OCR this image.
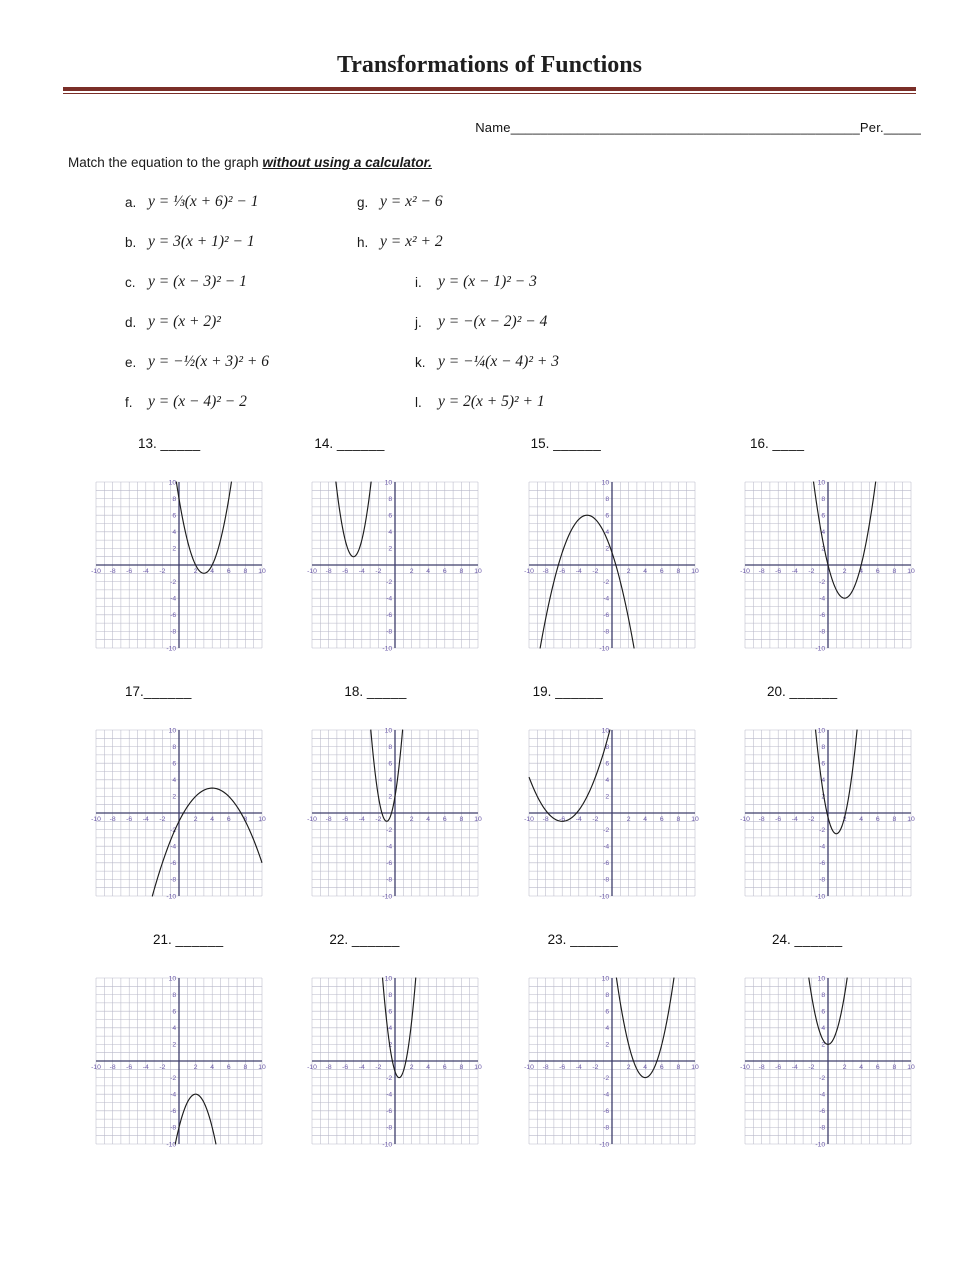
Transformations of Functions
Name_______________________________________________Per._____

Match the equation to the graph without using a calculator.

a. y = ⅓(x + 6)² − 1
b. y = 3(x + 1)² − 1
c. y = (x − 3)² − 1
d. y = (x + 2)²
e. y = −½(x + 3)² + 6
f. y = (x − 4)² − 2
g. y = x² − 6
h. y = x² + 2
i.	y = (x − 1)² − 3
j.	y = −(x − 2)² − 4
k. y = −¼(x − 4)² + 3
l.	y = 2(x + 5)² + 1
13. _____
-10 -8 -6 -4 -2	2 4 6 8 10
-10
-8
-6
-4
-2
2
4
6
8
10
14. ______
-10 -8 -6 -4 -2	2 4 6 8 10
-10
-8
-6
-4
-2
2
4
6
8
10
15. ______
-10 -8 -6 -4 -2	2 4 6 8 10
-10
-8
-6
-4
-2
2
4
6
8
10
16. ____
-10 -8 -6 -4 -2	2 4 6 8 10
-10
-8
-6
-4
-2
2
4
6
8
10
17.______
-10 -8 -6 -4 -2	2 4 6 8 10
-10
-8
-6
-4
-2
2
4
6
8
10
18. _____
-10 -8 -6 -4 -2	2 4 6 8 10
-10
-8
-6
-4
-2
2
4
6
8
10
19. ______
-10 -8 -6 -4 -2	2 4 6 8 10
-10
-8
-6
-4
-2
2
4
6
8
10
20. ______
-10 -8 -6 -4 -2	2 4 6 8 10
-10
-8
-6
-4
-2
2
4
6
8
10
21. ______
-10 -8 -6 -4 -2	2 4 6 8 10
-10
-8
-6
-4
-2
2
4
6
8
10
22. ______
-10 -8 -6 -4 -2	2 4 6 8 10
-10
-8
-6
-4
-2
2
4
6
8
10
23. ______
-10 -8 -6 -4 -2	2 4 6 8 10
-10
-8
-6
-4
-2
2
4
6
8
10
24. ______
-10 -8 -6 -4 -2	2 4 6 8 10
-10
-8
-6
-4
-2
2
4
6
8
10
